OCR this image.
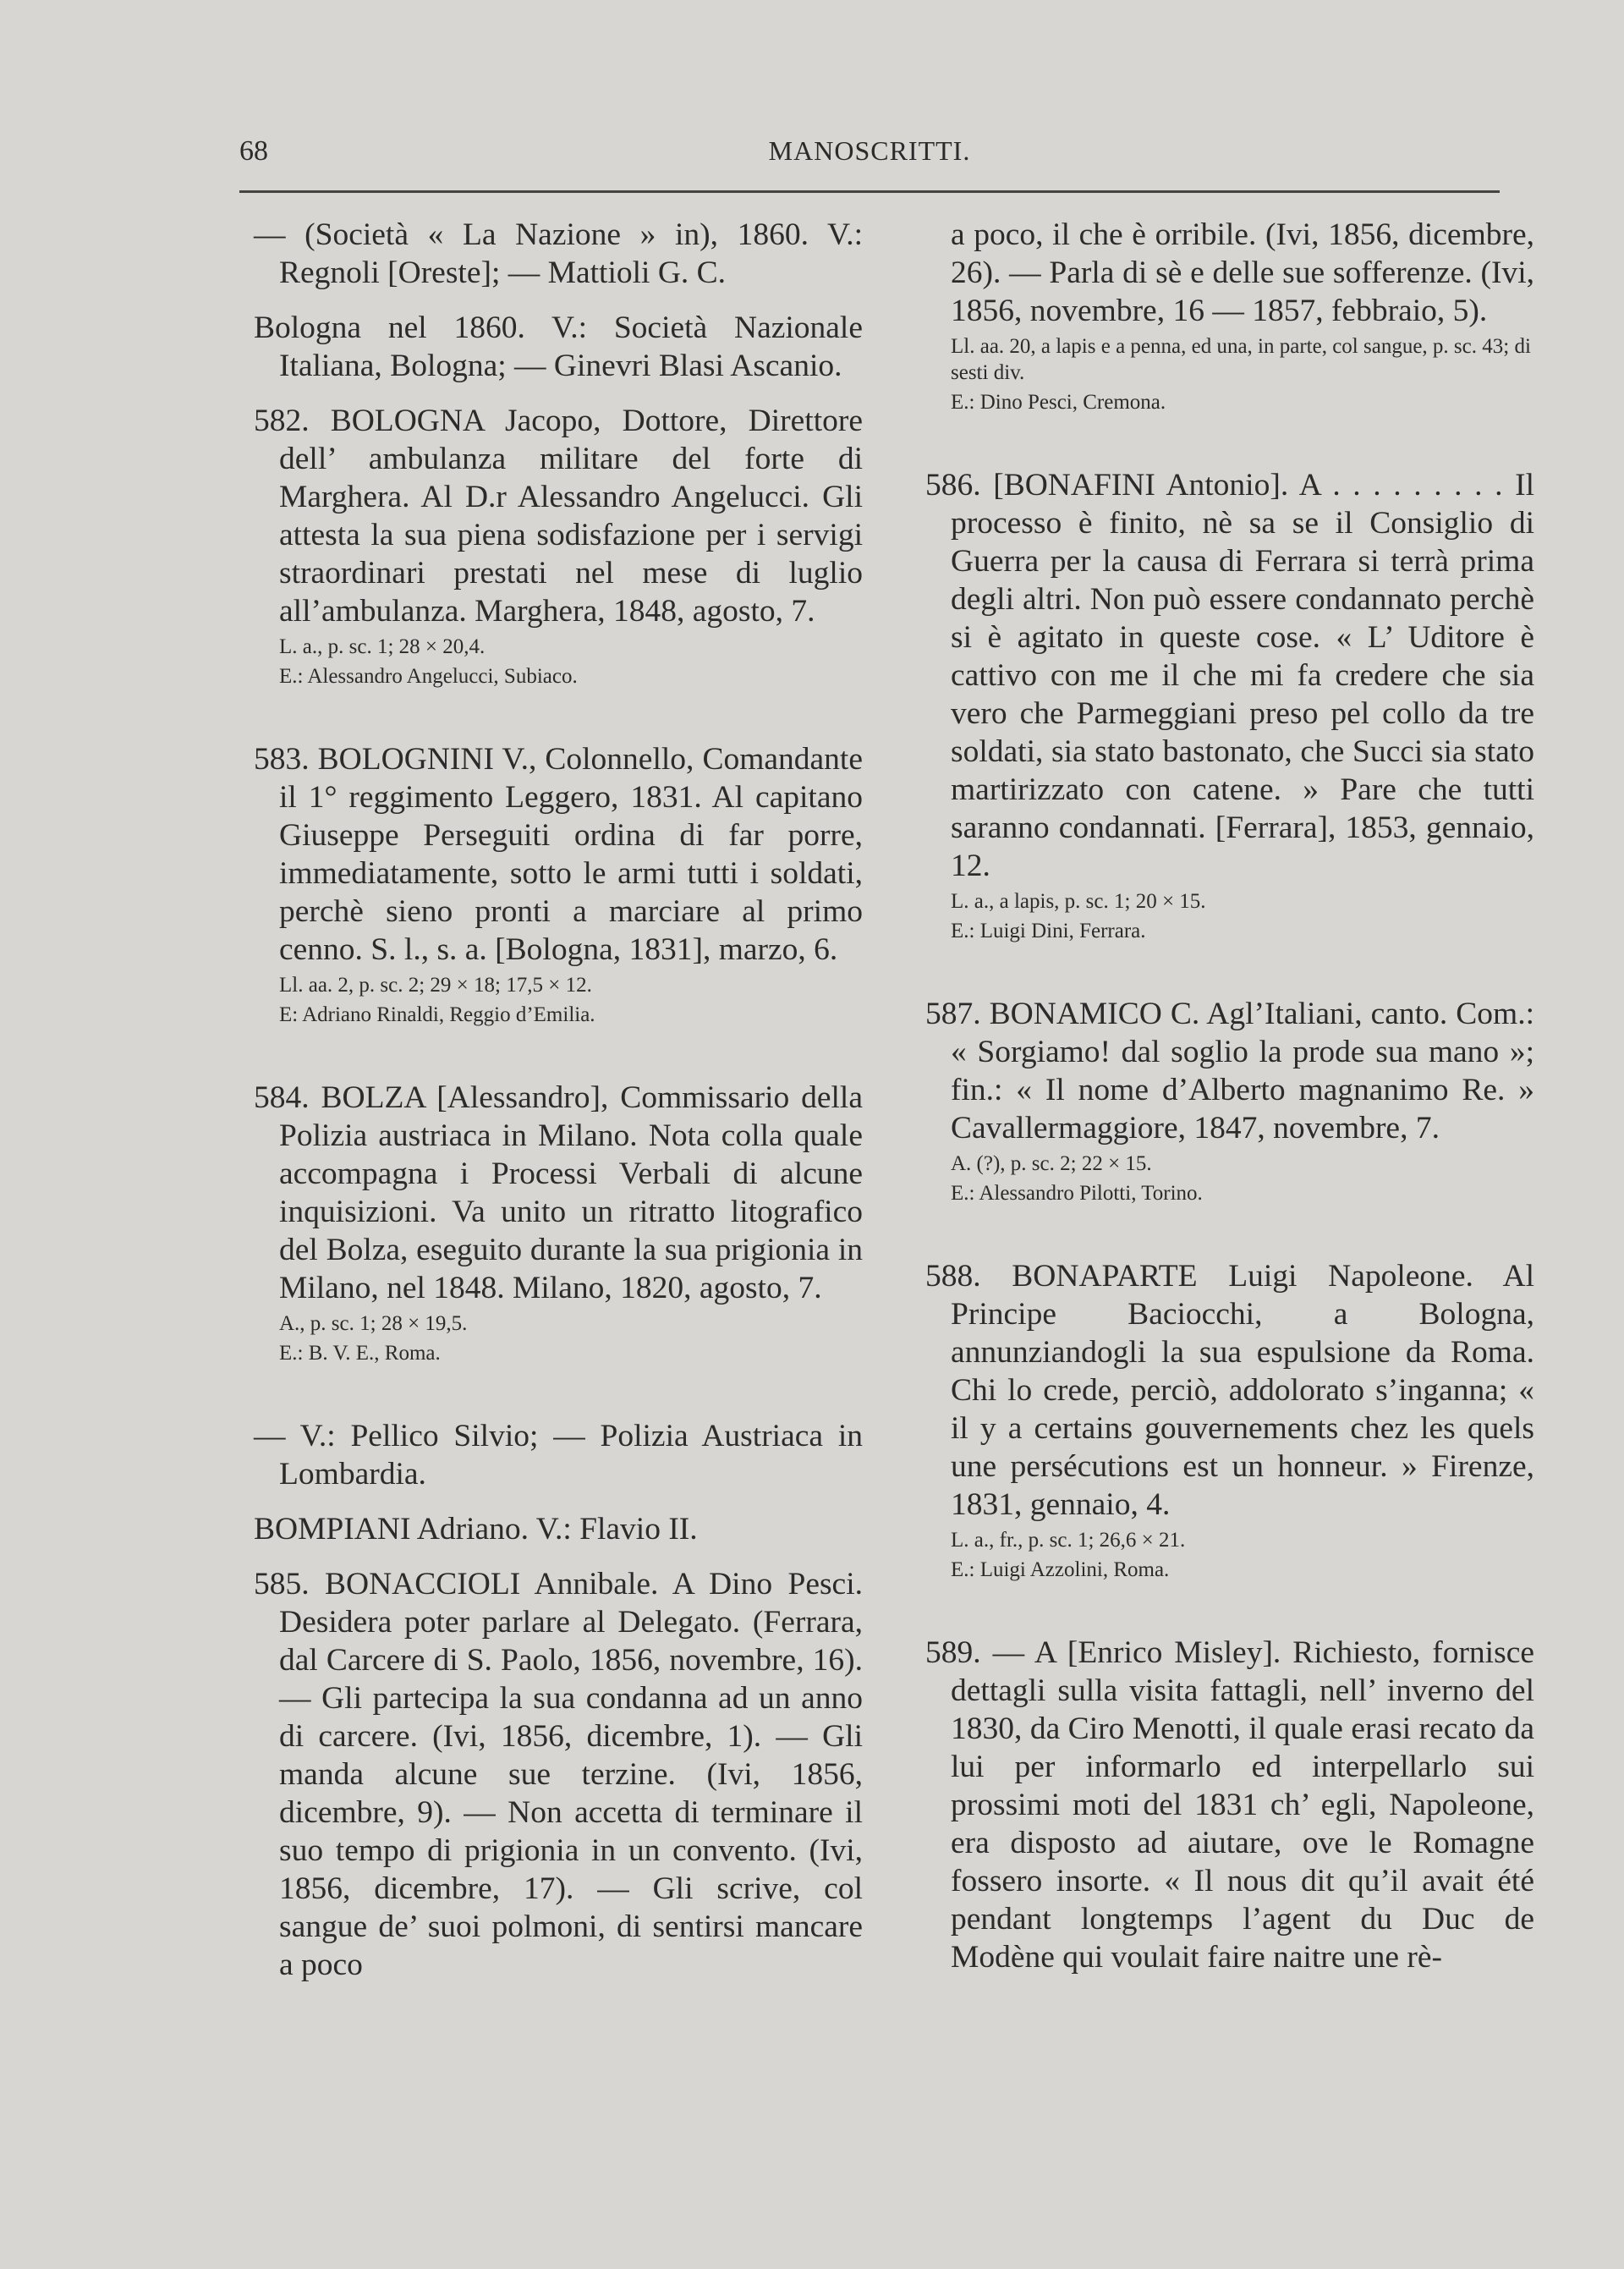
68	MANOSCRITTI.

— (Società « La Nazione » in), 1860. V.: Regnoli [Oreste]; — Mattioli G. C.

Bologna nel 1860. V.: Società Nazionale Italiana, Bologna; — Ginevri Blasi Ascanio.

582. BOLOGNA Jacopo, Dottore, Direttore dell’ ambulanza militare del forte di Marghera. Al D.r Alessandro Angelucci. Gli attesta la sua piena sodisfazione per i servigi straordinari prestati nel mese di luglio all’ambulanza. Marghera, 1848, agosto, 7.

L. a., p. sc. 1; 28 × 20,4.
E.: Alessandro Angelucci, Subiaco.

583. BOLOGNINI V., Colonnello, Comandante il 1° reggimento Leggero, 1831. Al capitano Giuseppe Perseguiti ordina di far porre, immediatamente, sotto le armi tutti i soldati, perchè sieno pronti a marciare al primo cenno. S. l., s. a. [Bologna, 1831], marzo, 6.

Ll. aa. 2, p. sc. 2; 29 × 18; 17,5 × 12.
E: Adriano Rinaldi, Reggio d’Emilia.

584. BOLZA [Alessandro], Commissario della Polizia austriaca in Milano. Nota colla quale accompagna i Processi Verbali di alcune inquisizioni. Va unito un ritratto litografico del Bolza, eseguito durante la sua prigionia in Milano, nel 1848. Milano, 1820, agosto, 7.

A., p. sc. 1; 28 × 19,5.
E.: B. V. E., Roma.

— V.: Pellico Silvio; — Polizia Austriaca in Lombardia.

BOMPIANI Adriano. V.: Flavio II.

585. BONACCIOLI Annibale. A Dino Pesci. Desidera poter parlare al Delegato. (Ferrara, dal Carcere di S. Paolo, 1856, novembre, 16). — Gli partecipa la sua condanna ad un anno di carcere. (Ivi, 1856, dicembre, 1). — Gli manda alcune sue terzine. (Ivi, 1856, dicembre, 9). — Non accetta di terminare il suo tempo di prigionia in un convento. (Ivi, 1856, dicembre, 17). — Gli scrive, col sangue de’ suoi polmoni, di sentirsi mancare a poco

a poco, il che è orribile. (Ivi, 1856, dicembre, 26). — Parla di sè e delle sue sofferenze. (Ivi, 1856, novembre, 16 — 1857, febbraio, 5).

Ll. aa. 20, a lapis e a penna, ed una, in parte, col sangue, p. sc. 43; di sesti div.
E.: Dino Pesci, Cremona.

586. [BONAFINI Antonio]. A . . . . . . . . . Il processo è finito, nè sa se il Consiglio di Guerra per la causa di Ferrara si terrà prima degli altri. Non può essere condannato perchè si è agitato in queste cose. « L’ Uditore è cattivo con me il che mi fa credere che sia vero che Parmeggiani preso pel collo da tre soldati, sia stato bastonato, che Succi sia stato martirizzato con catene. » Pare che tutti saranno condannati. [Ferrara], 1853, gennaio, 12.

L. a., a lapis, p. sc. 1; 20 × 15.
E.: Luigi Dini, Ferrara.

587. BONAMICO C. Agl’Italiani, canto. Com.: « Sorgiamo! dal soglio la prode sua mano »; fin.: « Il nome d’Alberto magnanimo Re. » Cavallermaggiore, 1847, novembre, 7.

A. (?), p. sc. 2; 22 × 15.
E.: Alessandro Pilotti, Torino.

588. BONAPARTE Luigi Napoleone. Al Principe Baciocchi, a Bologna, annunziandogli la sua espulsione da Roma. Chi lo crede, perciò, addolorato s’inganna; « il y a certains gouvernements chez les quels une persécutions est un honneur. » Firenze, 1831, gennaio, 4.

L. a., fr., p. sc. 1; 26,6 × 21.
E.: Luigi Azzolini, Roma.

589. — A [Enrico Misley]. Richiesto, fornisce dettagli sulla visita fattagli, nell’ inverno del 1830, da Ciro Menotti, il quale erasi recato da lui per informarlo ed interpellarlo sui prossimi moti del 1831 ch’ egli, Napoleone, era disposto ad aiutare, ove le Romagne fossero insorte. « Il nous dit qu’il avait été pendant longtemps l’agent du Duc de Modène qui voulait faire naitre une rè-
